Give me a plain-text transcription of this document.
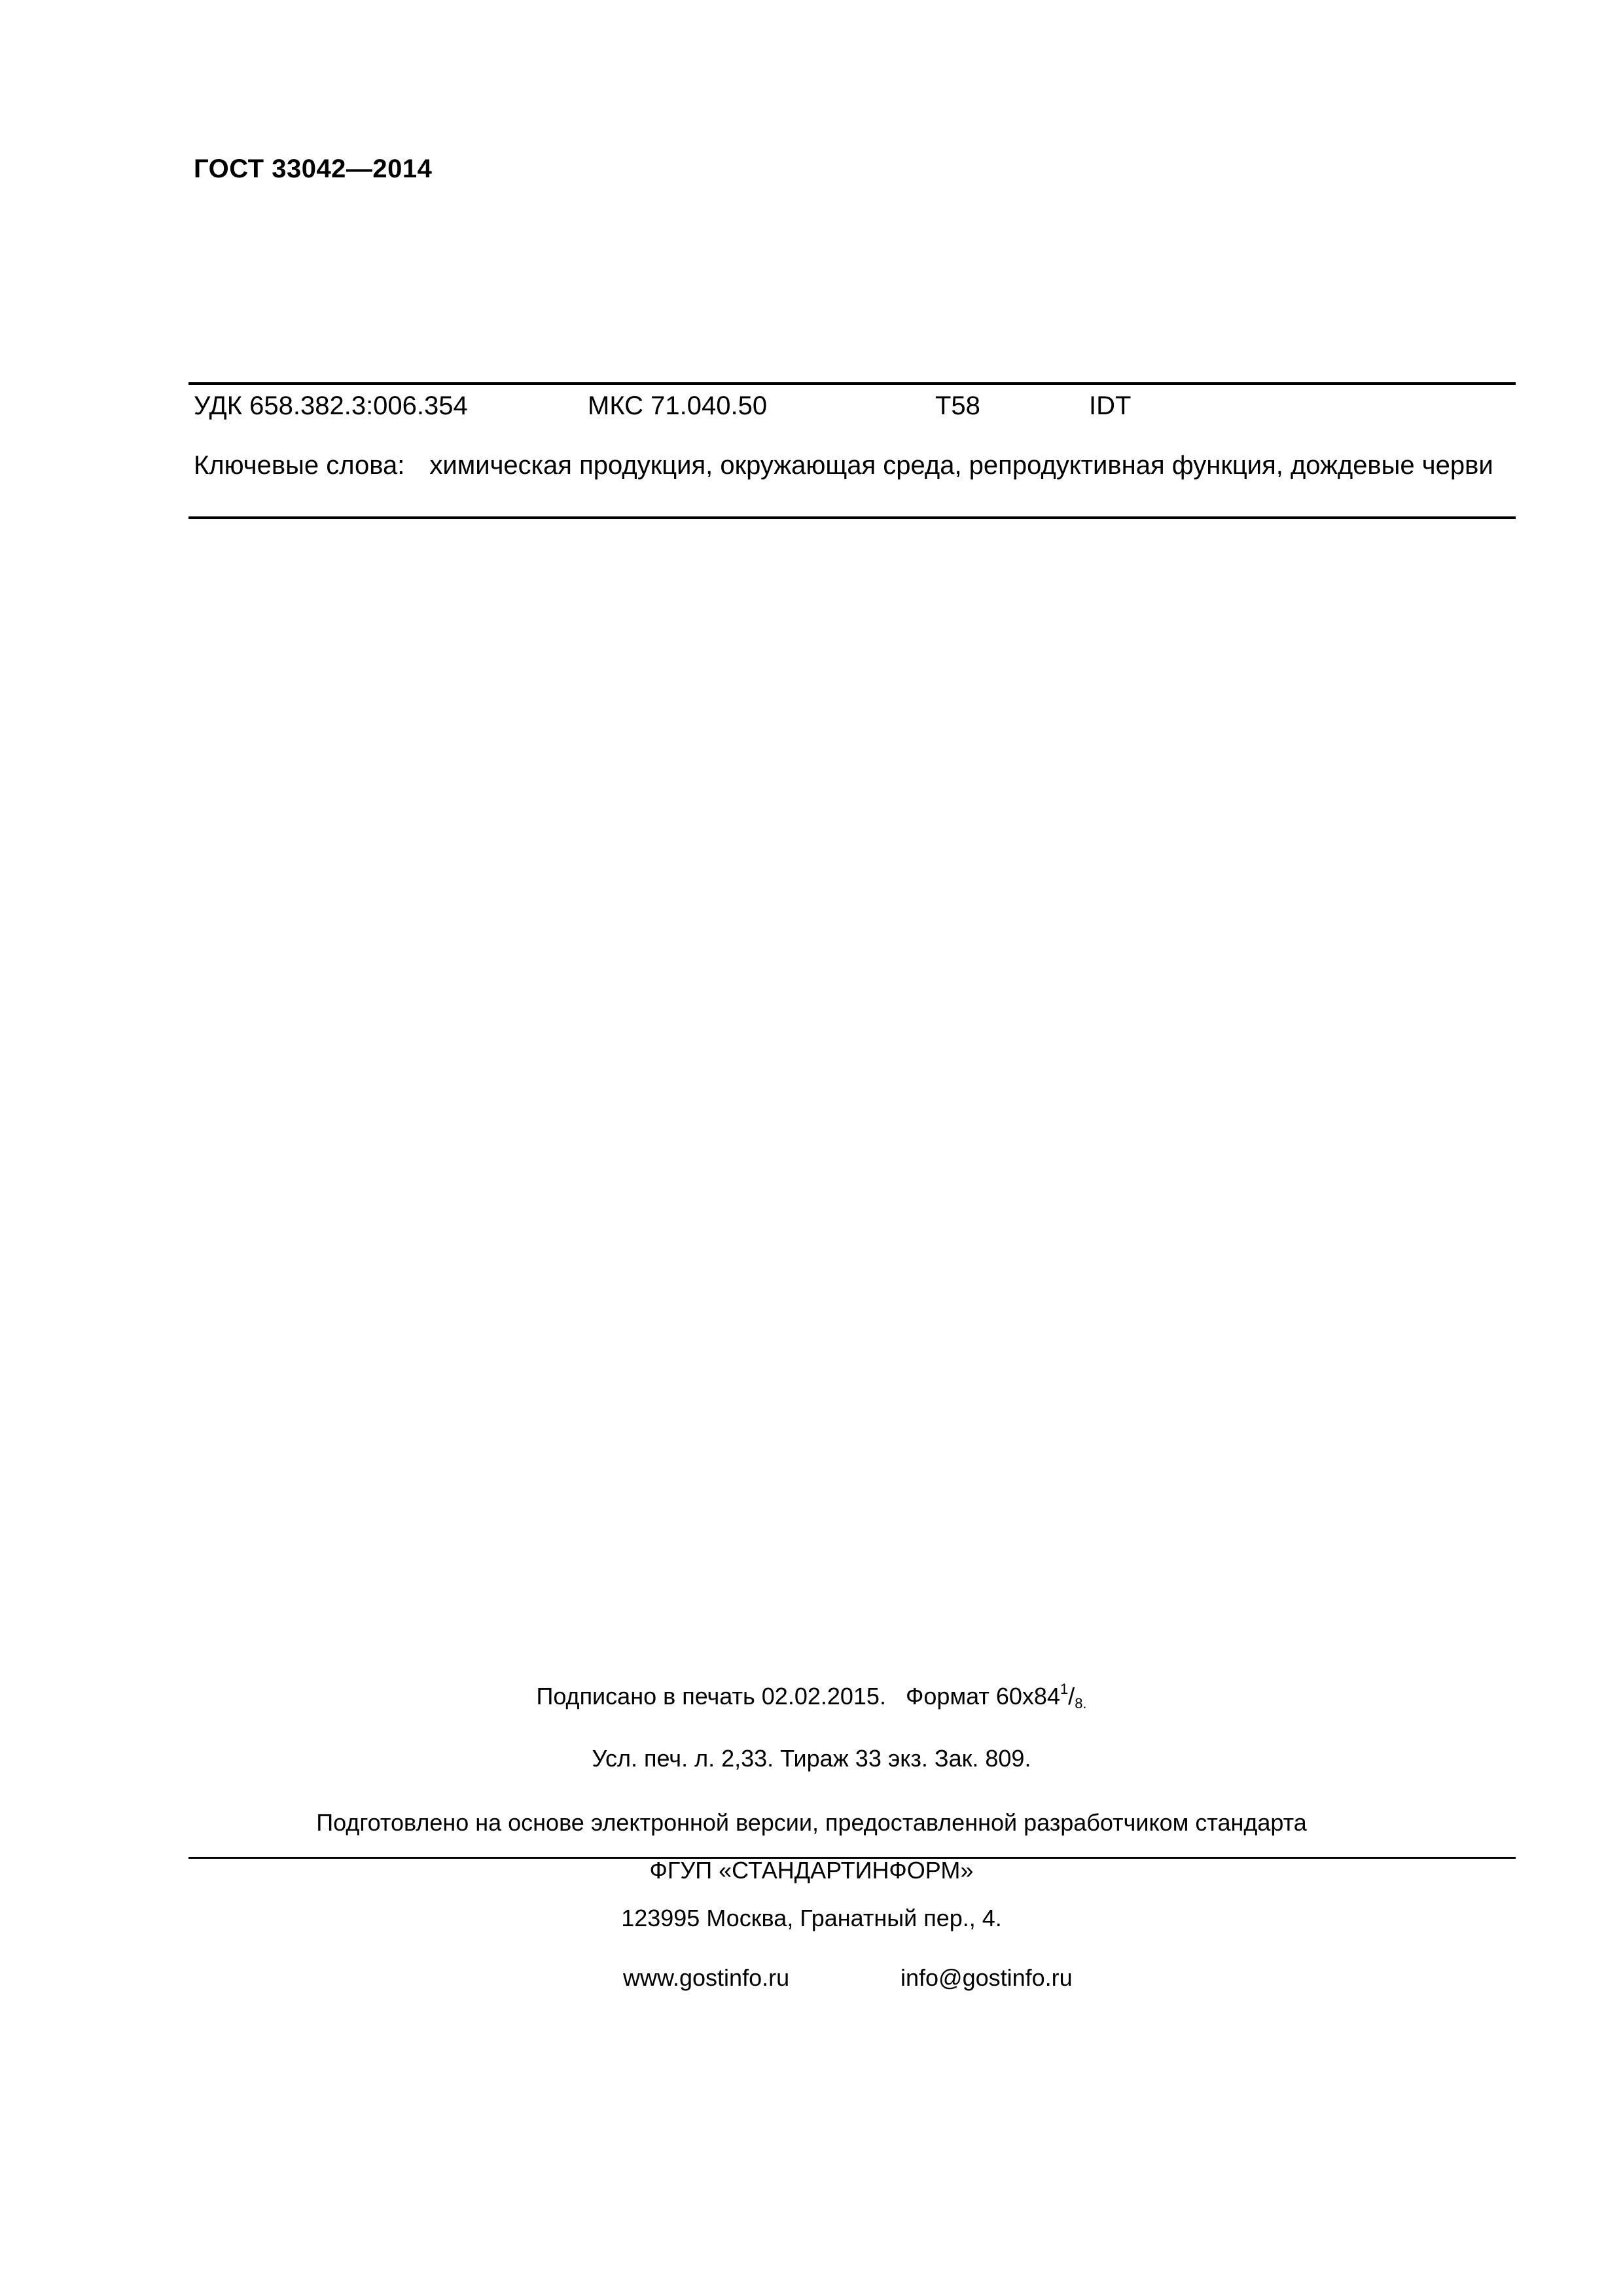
ГОСТ 33042—2014
УДК 658.382.3:006.354	МКС 71.040.50	Т58	IDT
Ключевые слова: химическая продукция, окружающая среда, репродуктивная функция, дождевые черви
Подписано в печать 02.02.2015. Формат $60x84^1/_{8.}$
Усл. печ. л. 2,33. Тираж 33 экз. Зак. 809.
Подготовлено на основе электронной версии, предоставленной разработчиком стандарта
ФГУП «СТАНДАРТИНФОРМ»
123995 Москва, Гранатный пер., 4.
www.gostinfo.ru	info@gostinfo.ru
